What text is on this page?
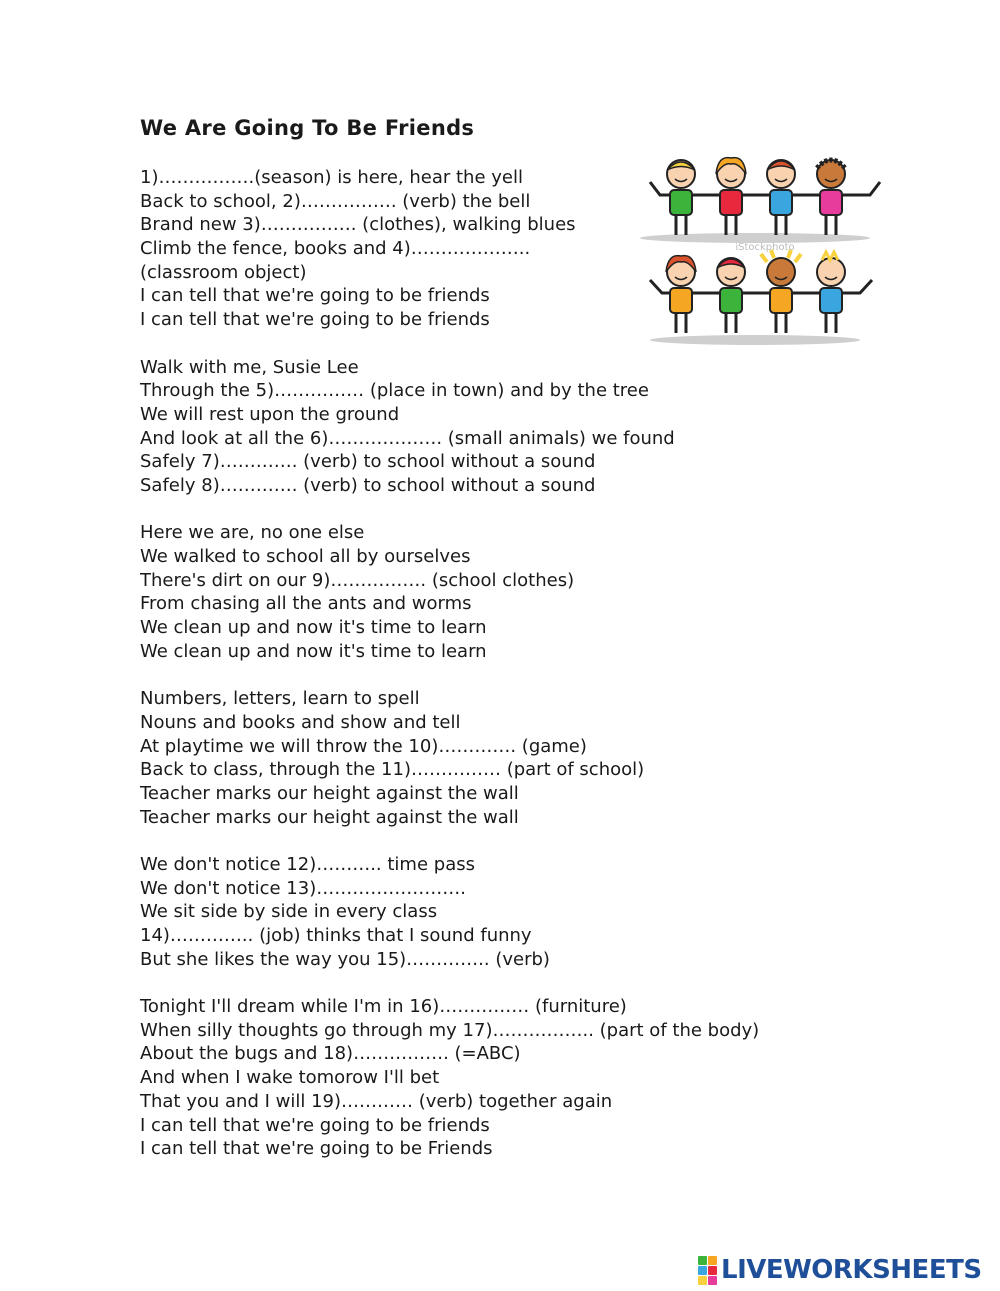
We Are Going To Be Friends
1)…………….(season) is here, hear the yell
Back to school, 2)……………. (verb) the bell
Brand new 3)……………. (clothes), walking blues
Climb the fence, books and 4)………………..
(classroom object)
I can tell that we're going to be friends
I can tell that we're going to be friends
Walk with me, Susie Lee
Through the 5)…………… (place in town) and by the tree
We will rest upon the ground
And look at all the 6)………………. (small animals) we found
Safely 7)…………. (verb) to school without a sound
Safely 8)…………. (verb) to school without a sound
Here we are, no one else
We walked to school all by ourselves
There's dirt on our 9)……………. (school clothes)
From chasing all the ants and worms
We clean up and now it's time to learn
We clean up and now it's time to learn
Numbers, letters, learn to spell
Nouns and books and show and tell
At playtime we will throw the 10)…………. (game)
Back to class, through the 11)…………… (part of school)
Teacher marks our height against the wall
Teacher marks our height against the wall
We don't notice 12)……….. time pass
We don't notice 13)…………………….
We sit side by side in every class
14)………….. (job) thinks that I sound funny
But she likes the way you 15)………….. (verb)
Tonight I'll dream while I'm in 16)…………… (furniture)
When silly thoughts go through my 17)…………….. (part of the body)
About the bugs and 18)……………. (=ABC)
And when I wake tomorow I'll bet
That you and I will 19)………… (verb) together again
I can tell that we're going to be friends
I can tell that we're going to be Friends
iStockphoto
LIVEWORKSHEETS
